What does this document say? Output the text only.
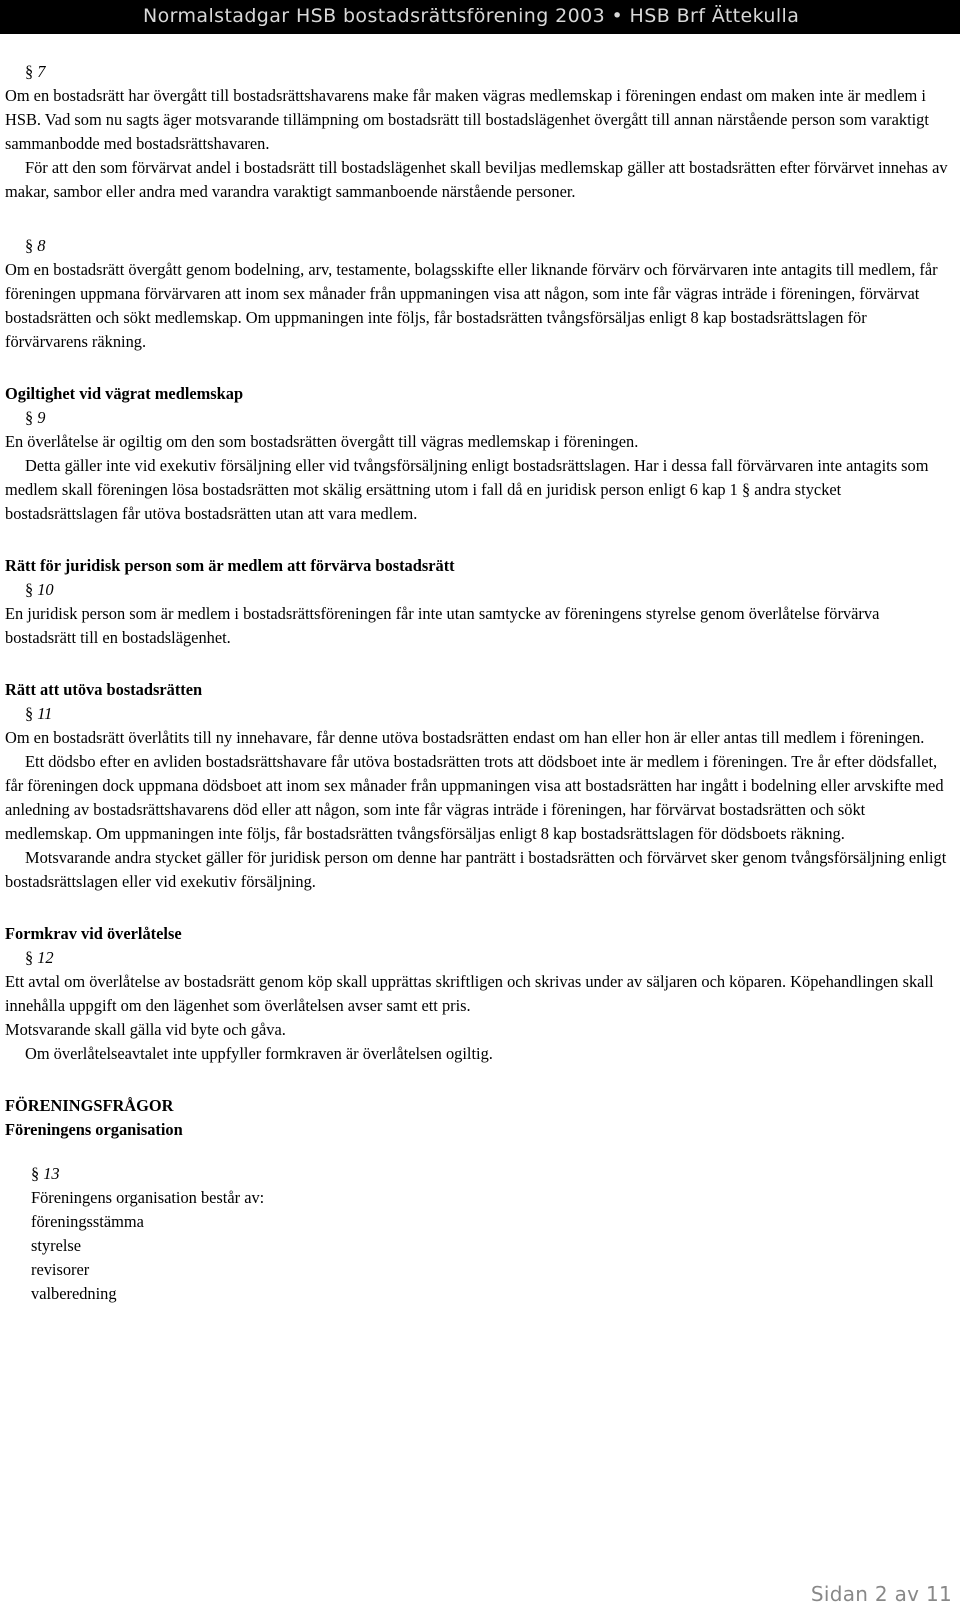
Normalstadgar HSB bostadsrättsförening 2003 • HSB Brf Ättekulla
§ 7

Om en bostadsrätt har övergått till bostadsrättshavarens make får maken vägras medlemskap i föreningen endast om maken inte är medlem i HSB. Vad som nu sagts äger motsvarande tillämpning om bostadsrätt till bostadslägenhet övergått till annan närstående person som varaktigt sammanbodde med bostadsrättshavaren.

För att den som förvärvat andel i bostadsrätt till bostadslägenhet skall beviljas medlemskap gäller att bostadsrätten efter förvärvet innehas av makar, sambor eller andra med varandra varaktigt sammanboende närstående personer.

§ 8

Om en bostadsrätt övergått genom bodelning, arv, testamente, bolagsskifte eller liknande förvärv och förvärvaren inte antagits till medlem, får föreningen uppmana förvärvaren att inom sex månader från uppmaningen visa att någon, som inte får vägras inträde i föreningen, förvärvat bostadsrätten och sökt medlemskap. Om uppmaningen inte följs, får bostadsrätten tvångsförsäljas enligt 8 kap bostadsrättslagen för förvärvarens räkning.

Ogiltighet vid vägrat medlemskap

§ 9

En överlåtelse är ogiltig om den som bostadsrätten övergått till vägras medlemskap i föreningen.

Detta gäller inte vid exekutiv försäljning eller vid tvångsförsäljning enligt bostadsrättslagen. Har i dessa fall förvärvaren inte antagits som medlem skall föreningen lösa bostadsrätten mot skälig ersättning utom i fall då en juridisk person enligt 6 kap 1 § andra stycket bostadsrättslagen får utöva bostadsrätten utan att vara medlem.

Rätt för juridisk person som är medlem att förvärva bostadsrätt

§ 10

En juridisk person som är medlem i bostadsrättsföreningen får inte utan samtycke av föreningens styrelse genom överlåtelse förvärva bostadsrätt till en bostadslägenhet.

Rätt att utöva bostadsrätten

§ 11

Om en bostadsrätt överlåtits till ny innehavare, får denne utöva bostadsrätten endast om han eller hon är eller antas till medlem i föreningen.

Ett dödsbo efter en avliden bostadsrättshavare får utöva bostadsrätten trots att dödsboet inte är medlem i föreningen. Tre år efter dödsfallet, får föreningen dock uppmana dödsboet att inom sex månader från uppmaningen visa att bostadsrätten har ingått i bodelning eller arvskifte med anledning av bostadsrättshavarens död eller att någon, som inte får vägras inträde i föreningen, har förvärvat bostadsrätten och sökt medlemskap. Om uppmaningen inte följs, får bostadsrätten tvångsförsäljas enligt 8 kap bostadsrättslagen för dödsboets räkning.

Motsvarande andra stycket gäller för juridisk person om denne har panträtt i bostadsrätten och förvärvet sker genom tvångsförsäljning enligt bostadsrättslagen eller vid exekutiv försäljning.

Formkrav vid överlåtelse

§ 12

Ett avtal om överlåtelse av bostadsrätt genom köp skall upprättas skriftligen och skrivas under av säljaren och köparen. Köpehandlingen skall innehålla uppgift om den lägenhet som överlåtelsen avser samt ett pris.

Motsvarande skall gälla vid byte och gåva.

Om överlåtelseavtalet inte uppfyller formkraven är överlåtelsen ogiltig.

FÖRENINGSFRÅGOR

Föreningens organisation

§ 13

Föreningens organisation består av:

föreningsstämma

styrelse

revisorer

valberedning

Sidan 2 av 11
